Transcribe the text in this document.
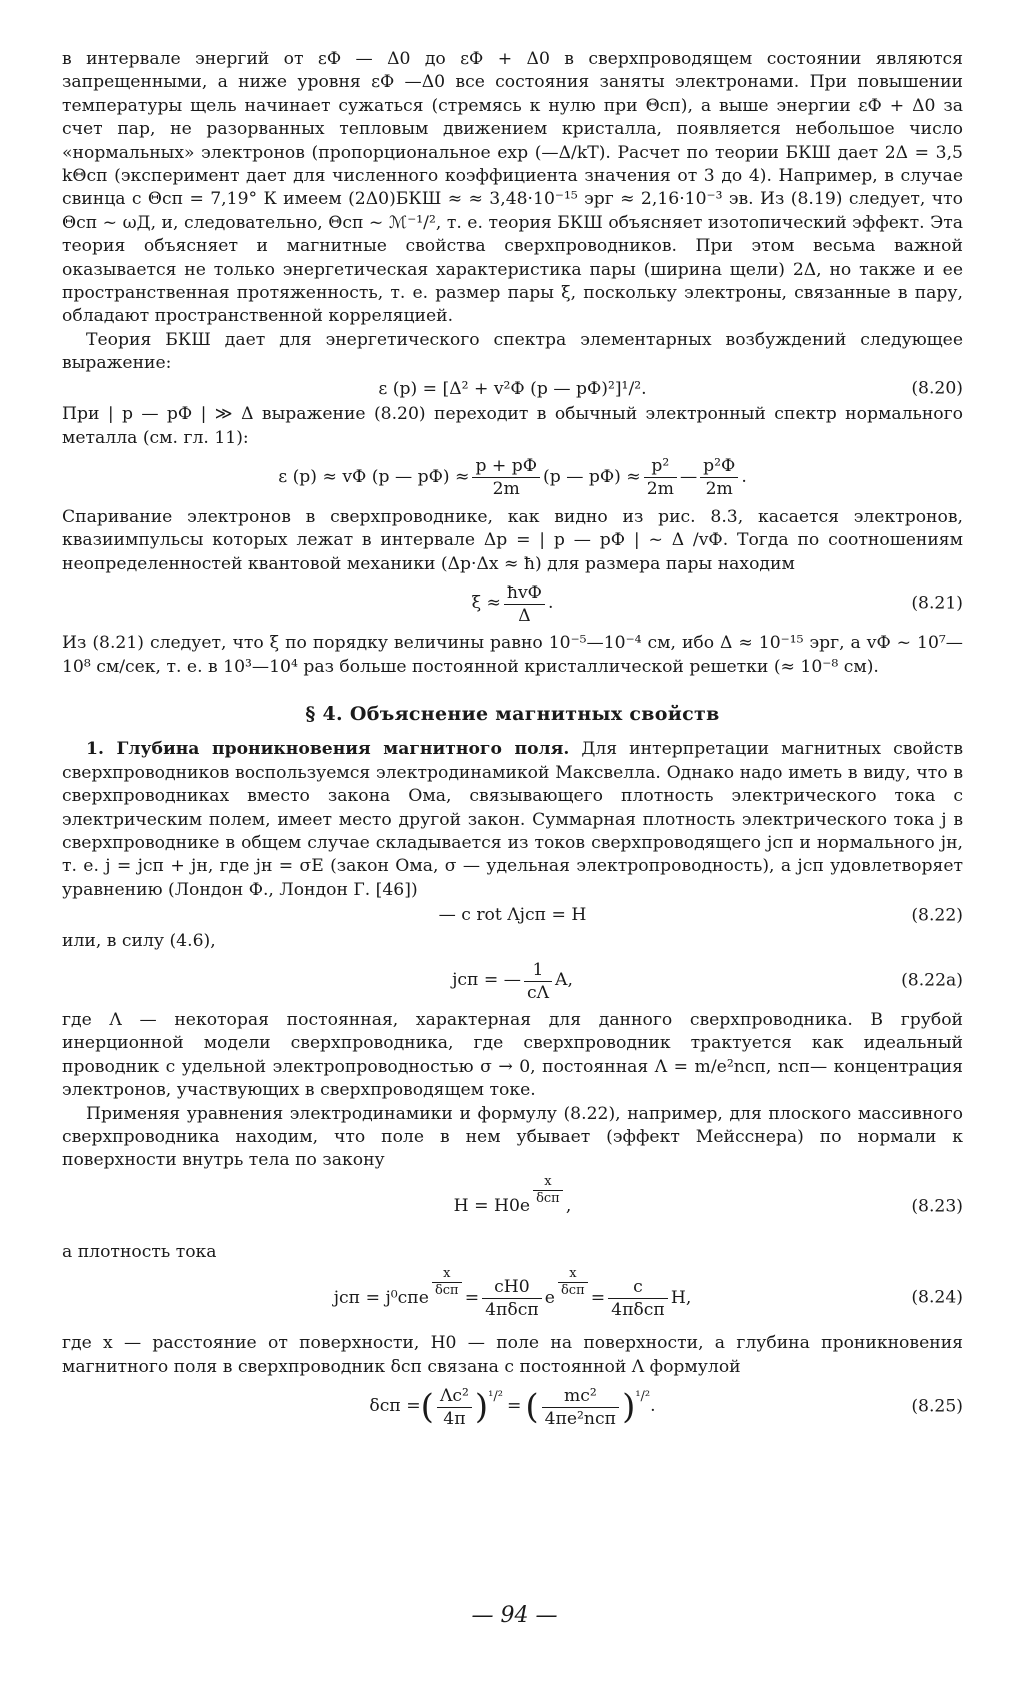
в интервале энергий от εФ — Δ0 до εФ + Δ0 в сверхпроводящем состоянии являются запрещенными, а ниже уровня εФ —Δ0 все состояния заняты электронами. При повышении температуры щель начинает сужаться (стремясь к нулю при Θсп), а выше энергии εФ + Δ0 за счет пар, не разорванных тепловым движением кристалла, появляется небольшое число «нормальных» электронов (пропорциональное exp (—Δ/kT). Расчет по теории БКШ дает 2Δ = 3,5 kΘсп (эксперимент дает для численного коэффициента значения от 3 до 4). Например, в случае свинца с Θсп = 7,19° К имеем (2Δ0)БКШ ≈ ≈ 3,48·10⁻¹⁵ эрг ≈ 2,16·10⁻³ эв. Из (8.19) следует, что Θсп ~ ωД, и, следовательно, Θсп ~ ℳ⁻¹/², т. е. теория БКШ объясняет изотопический эффект. Эта теория объясняет и магнитные свойства сверхпроводников. При этом весьма важной оказывается не только энергетическая характеристика пары (ширина щели) 2Δ, но также и ее пространственная протяженность, т. е. размер пары ξ, поскольку электроны, связанные в пару, обладают пространственной корреляцией.

Теория БКШ дает для энергетического спектра элементарных возбуждений следующее выражение:

ε (p) = [Δ² + v²Ф (p — pФ)²]¹/².	(8.20)

При | p — pФ | ≫ Δ выражение (8.20) переходит в обычный электронный спектр нормального металла (см. гл. 11):

ε (p) ≈ vФ (p — $pФ) \approx \frac{p + pФ}{2m} (p$ — $pФ) \approx \frac{\text{p²}}{2m}$ — $\frac{\text{p²Ф}}{2m}$ .

Спаривание электронов в сверхпроводнике, как видно из рис. 8.3, касается электронов, квазиимпульсы которых лежат в интервале Δp = | p — pФ | ~ Δ /vФ. Тогда по соотношениям неопределенностей квантовой механики (Δp·Δx ≈ ħ) для размера пары находим

$\xi \approx \frac{\text{ħvФ}}{\Delta}$ .	(8.21)

Из (8.21) следует, что ξ по порядку величины равно 10⁻⁵—10⁻⁴ см, ибо Δ ≈ 10⁻¹⁵ эрг, а vФ ~ 10⁷—10⁸ см/сек, т. е. в 10³—10⁴ раз больше постоянной кристаллической решетки (≈ 10⁻⁸ см).

§ 4. Объяснение магнитных свойств

1. Глубина проникновения магнитного поля. Для интерпретации магнитных свойств сверхпроводников воспользуемся электродинамикой Максвелла. Однако надо иметь в виду, что в сверхпроводниках вместо закона Ома, связывающего плотность электрического тока с электрическим полем, имеет место другой закон. Суммарная плотность электрического тока j в сверхпроводнике в общем случае складывается из токов сверхпроводящего jсп и нормального jн, т. е. j = jсп + jн, где jн = σE (закон Ома, σ — удельная электропроводность), а jсп удовлетворяет уравнению (Лондон Ф., Лондон Г. [46])

— c rot Λjсп = H	(8.22)

или, в силу (4.6),

jсп = — $\frac{1}{c\Lambda} A$,	(8.22a)

где Λ — некоторая постоянная, характерная для данного сверхпроводника. В грубой инерционной модели сверхпроводника, где сверхпроводник трактуется как идеальный проводник с удельной электропроводностью σ → 0, постоянная Λ = m/e²nсп, nсп— концентрация электронов, участвующих в сверхпроводящем токе.

Применяя уравнения электродинамики и формулу (8.22), например, для плоского массивного сверхпроводника находим, что поле в нем убывает (эффект Мейсснера) по нормали к поверхности внутрь тела по закону

$H = H0e \frac{x}{\text{δсп}}$ ,	(8.23)

а плотность тока

jсп = $j^0спe \frac{x}{\text{δсп}} = \frac{cH0}{\text{4πδсп}}$ e $\frac{x}{\text{δсп}} = \frac{c}{\text{4πδсп}} H$,	(8.24)

где x — расстояние от поверхности, H0 — поле на поверхности, а глубина проникновения магнитного поля в сверхпроводник δсп связана с постоянной Λ формулой

δсп = ( $\frac{\text{Λc²}}{4\pi} )^{^1/^2}$ = ( $\frac{\text{mc²}}{\text{4πe²nсп}} )^{^1/^2}$ .	(8.25)
— 94 —
